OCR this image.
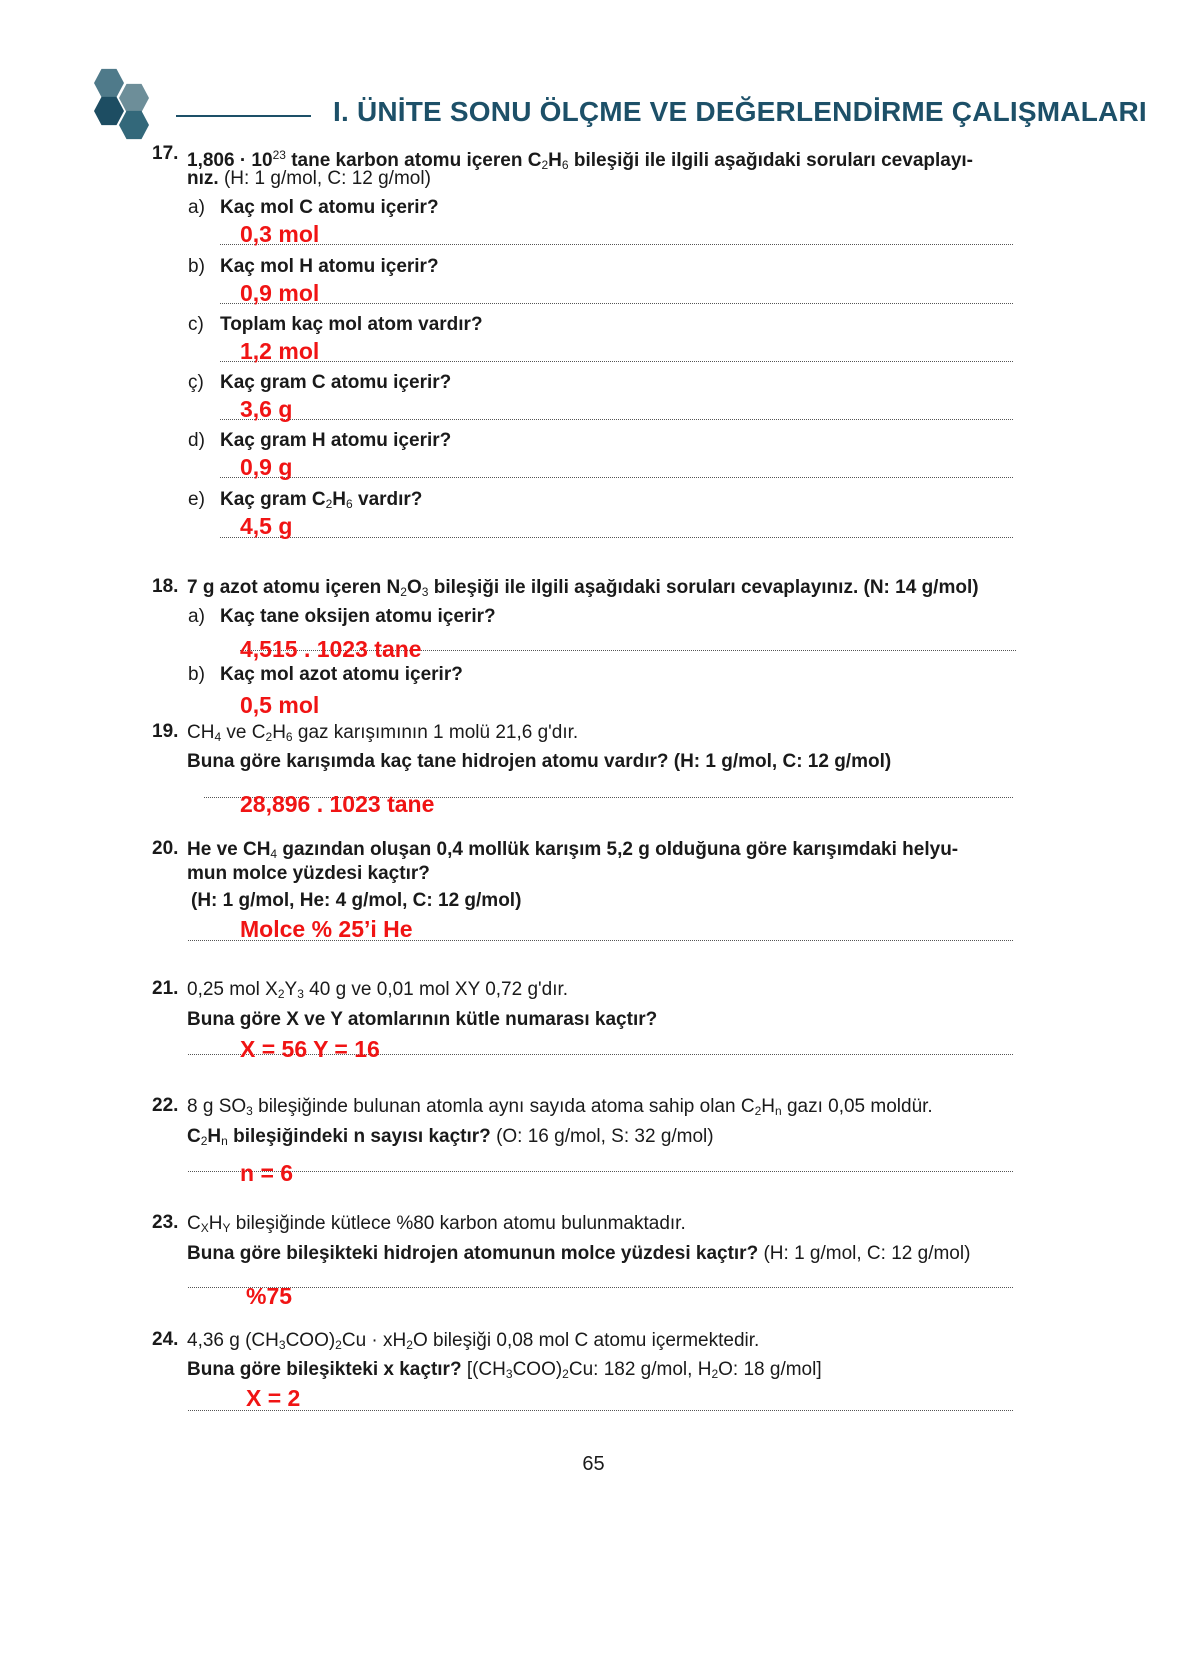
I. ÜNİTE SONU ÖLÇME VE DEĞERLENDİRME ÇALIŞMALARI
17. $1,806 \cdot 10^{23}$ tane karbon atomu içeren $C_2H_6$ bileşiği ile ilgili aşağıdaki soruları cevaplayı-
nız. (H: 1 g/mol, C: 12 g/mol)
a) Kaç mol C atomu içerir?
0,3 mol
b) Kaç mol H atomu içerir?
0,9 mol
c) Toplam kaç mol atom vardır?
1,2 mol
ç) Kaç gram C atomu içerir?
3,6 g
d) Kaç gram H atomu içerir?
0,9 g
e) Kaç gram $C_2H_6$ vardır?
4,5 g
18. 7 g azot atomu içeren $N_2O_3$ bileşiği ile ilgili aşağıdaki soruları cevaplayınız. (N: 14 g/mol)
a) Kaç tane oksijen atomu içerir?
4,515 . 1023 tane
b) Kaç mol azot atomu içerir?
0,5 mol
19. $CH_4$ ve $C_2H_6$ gaz karışımının 1 molü 21,6 g'dır.
Buna göre karışımda kaç tane hidrojen atomu vardır? (H: 1 g/mol, C: 12 g/mol)
28,896 . 1023 tane
20. He ve $CH_4$ gazından oluşan 0,4 mollük karışım 5,2 g olduğuna göre karışımdaki helyu-
mun molce yüzdesi kaçtır?
(H: 1 g/mol, He: 4 g/mol, C: 12 g/mol)
Molce % 25’i He
21. 0,25 mol $X_2Y_3$ 40 g ve 0,01 mol XY 0,72 g'dır.
Buna göre X ve Y atomlarının kütle numarası kaçtır?
X = 56 Y = 16
22. 8 g $SO_3$ bileşiğinde bulunan atomla aynı sayıda atoma sahip olan $C_2H_n$ gazı 0,05 moldür.
$C_2H_n$ bileşiğindeki n sayısı kaçtır? (O: 16 g/mol, S: 32 g/mol)
n = 6
23. $C_XH_Y$ bileşiğinde kütlece %80 karbon atomu bulunmaktadır.
Buna göre bileşikteki hidrojen atomunun molce yüzdesi kaçtır? (H: 1 g/mol, C: 12 g/mol)
%75
24. 4,36 g $(CH_3COO)_2Cu \cdot xH_2O$ bileşiği 0,08 mol C atomu içermektedir.
Buna göre bileşikteki x kaçtır? [$(CH_3COO)_2Cu$: 182 g/mol, $H_2O$: 18 g/mol]
X = 2
65
